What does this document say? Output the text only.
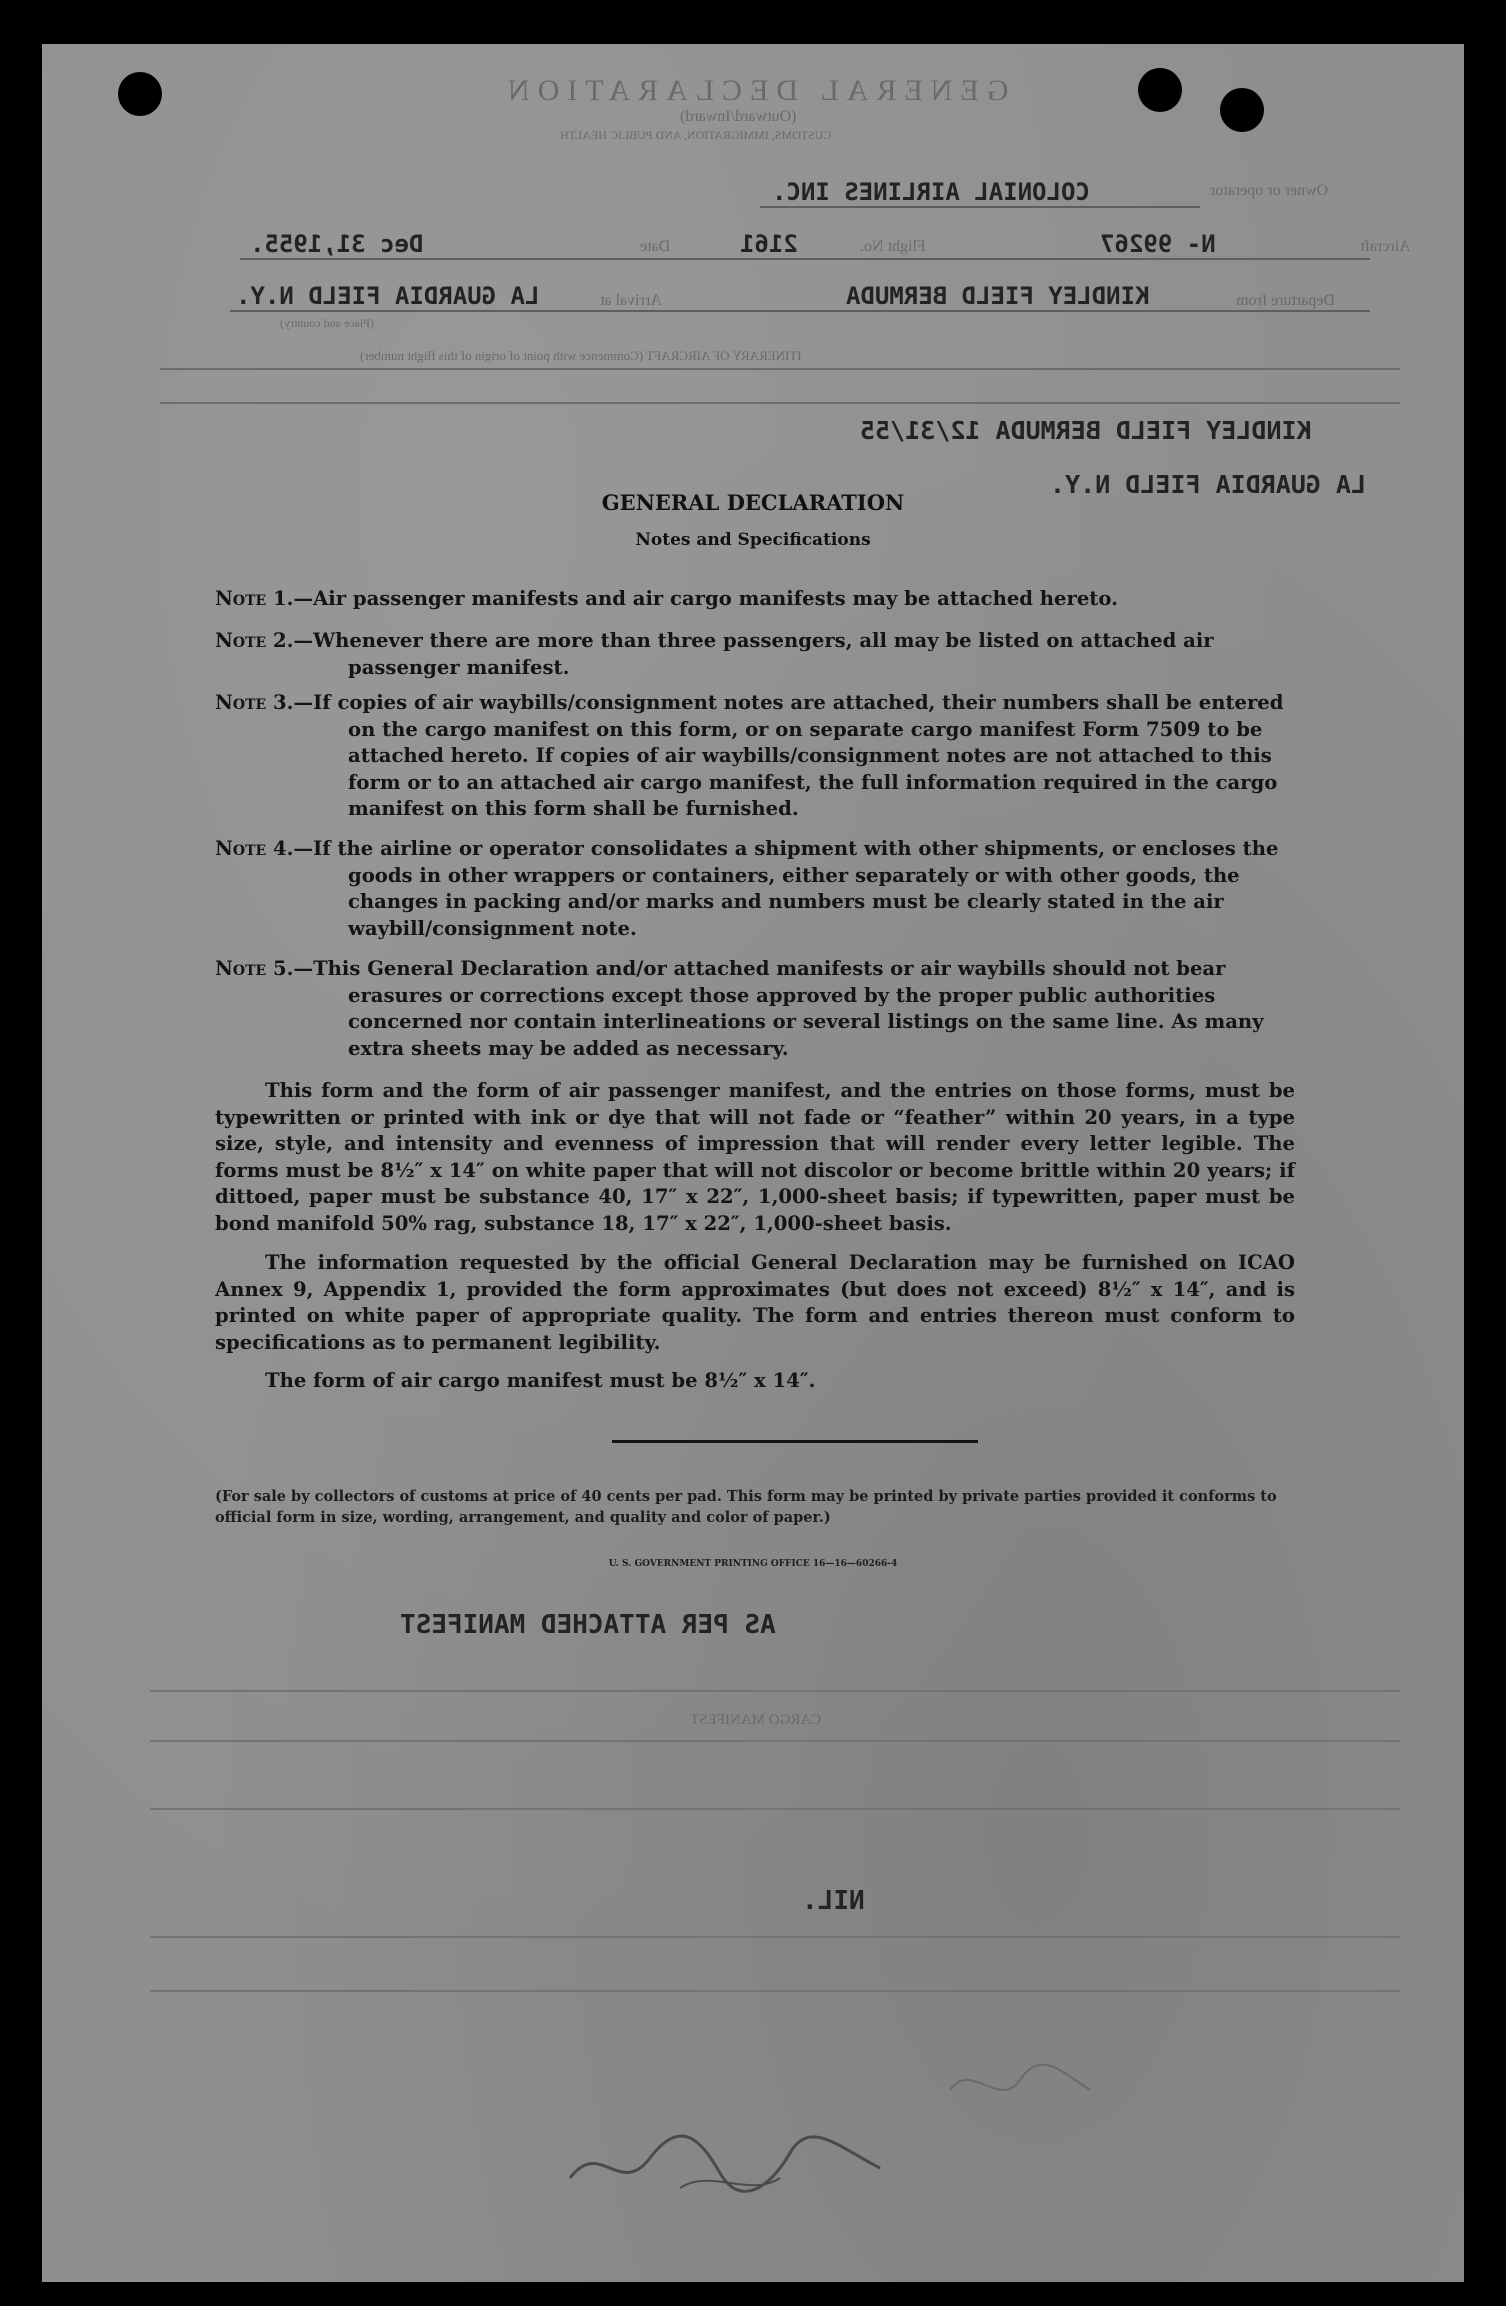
GENERAL DECLARATION
(Outward/Inward)
CUSTOMS, IMMIGRATION, AND PUBLIC HEALTH
Owner or operator
COLONIAL AIRLINES INC.
Aircraft
N- 99267
Flight No.
2161
Date
Dec 31,1955.
Departure from
KINDLEY FIELD BERMUDA
Arrival at
LA GUARDIA FIELD N.Y.
(Place and country)
ITINERARY OF AIRCRAFT (Commence with point of origin of this flight number)
KINDLEY FIELD BERMUDA 12/31/55
LA GUARDIA FIELD N.Y.
GENERAL DECLARATION
Notes and Specifications
Note 1.—Air passenger manifests and air cargo manifests may be attached hereto.
Note 2.—Whenever there are more than three passengers, all may be listed on attached air passenger manifest.
Note 3.—If copies of air waybills/consignment notes are attached, their numbers shall be entered on the cargo manifest on this form, or on separate cargo manifest Form 7509 to be attached hereto. If copies of air waybills/consignment notes are not attached to this form or to an attached air cargo manifest, the full information required in the cargo manifest on this form shall be furnished.
Note 4.—If the airline or operator consolidates a shipment with other shipments, or encloses the goods in other wrappers or containers, either separately or with other goods, the changes in packing and/or marks and numbers must be clearly stated in the air waybill/consignment note.
Note 5.—This General Declaration and/or attached manifests or air waybills should not bear erasures or corrections except those approved by the proper public authorities concerned nor contain interlineations or several listings on the same line. As many extra sheets may be added as necessary.
This form and the form of air passenger manifest, and the entries on those forms, must be typewritten or printed with ink or dye that will not fade or “feather” within 20 years, in a type size, style, and intensity and evenness of impression that will render every letter legible. The forms must be 8½″ x 14″ on white paper that will not discolor or become brittle within 20 years; if dittoed, paper must be substance 40, 17″ x 22″, 1,000-sheet basis; if typewritten, paper must be bond manifold 50% rag, substance 18, 17″ x 22″, 1,000-sheet basis.
The information requested by the official General Declaration may be furnished on ICAO Annex 9, Appendix 1, provided the form approximates (but does not exceed) 8½″ x 14″, and is printed on white paper of appropriate quality. The form and entries thereon must conform to specifications as to permanent legibility.
The form of air cargo manifest must be 8½″ x 14″.
(For sale by collectors of customs at price of 40 cents per pad. This form may be printed by private parties provided it conforms to official form in size, wording, arrangement, and quality and color of paper.)
U. S. GOVERNMENT PRINTING OFFICE 16—16—60266-4
AS PER ATTACHED MANIFEST
CARGO MANIFEST
NIL.
